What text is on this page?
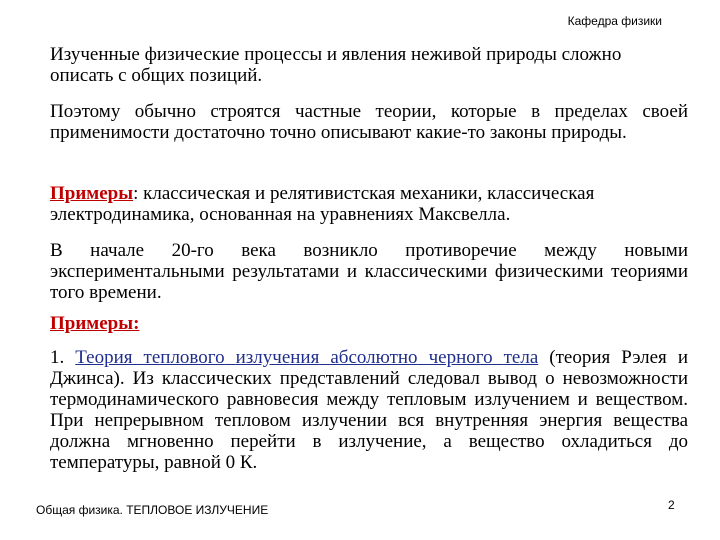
Кафедра физики
Изученные физические процессы и явления неживой природы сложно описать с общих позиций.
Поэтому обычно строятся частные теории, которые в пределах своей применимости достаточно точно описывают какие-то законы природы.
Примеры: классическая и релятивистская механики, классическая электродинамика, основанная на уравнениях Максвелла.
В начале 20-го века возникло противоречие между новыми экспериментальными результатами и классическими физическими теориями того времени.
Примеры:
1. Теория теплового излучения абсолютно черного тела (теория Рэлея и Джинса). Из классических представлений следовал вывод о невозможности термодинамического равновесия между тепловым излучением и веществом. При непрерывном тепловом излучении вся внутренняя энергия вещества должна мгновенно перейти в излучение, а вещество охладиться до температуры, равной 0 К.
Общая физика. ТЕПЛОВОЕ ИЗЛУЧЕНИЕ	2
